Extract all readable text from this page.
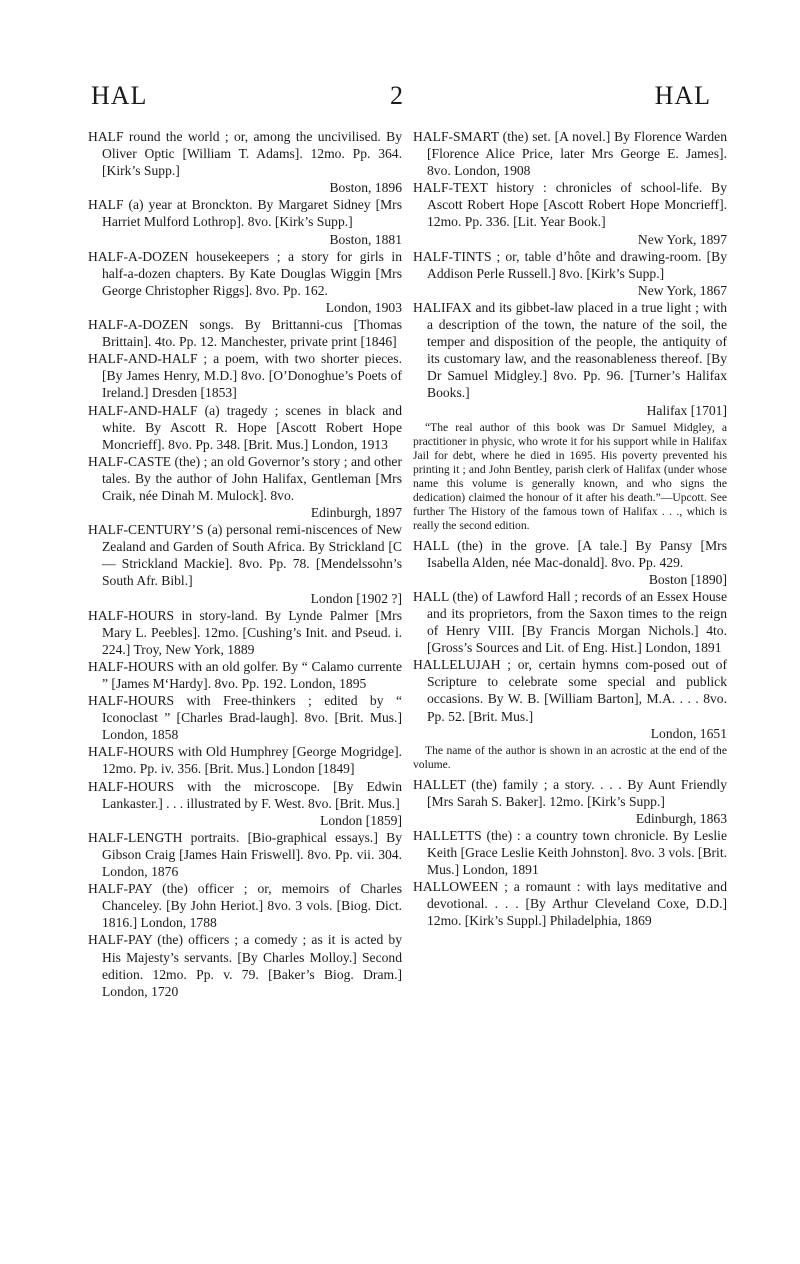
HAL	2	HAL
HALF round the world ; or, among the uncivilised. By Oliver Optic [William T. Adams]. 12mo. Pp. 364. [Kirk’s Supp.]
Boston, 1896
HALF (a) year at Bronckton. By Margaret Sidney [Mrs Harriet Mulford Lothrop]. 8vo. [Kirk’s Supp.]
Boston, 1881
HALF-A-DOZEN housekeepers ; a story for girls in half-a-dozen chapters. By Kate Douglas Wiggin [Mrs George Christopher Riggs]. 8vo. Pp. 162.
London, 1903
HALF-A-DOZEN songs. By Brittanni-cus [Thomas Brittain]. 4to. Pp. 12. Manchester, private print [1846]
HALF-AND-HALF ; a poem, with two shorter pieces. [By James Henry, M.D.] 8vo. [O’Donoghue’s Poets of Ireland.] Dresden [1853]
HALF-AND-HALF (a) tragedy ; scenes in black and white. By Ascott R. Hope [Ascott Robert Hope Moncrieff]. 8vo. Pp. 348. [Brit. Mus.] London, 1913
HALF-CASTE (the) ; an old Governor’s story ; and other tales. By the author of John Halifax, Gentleman [Mrs Craik, née Dinah M. Mulock]. 8vo.
Edinburgh, 1897
HALF-CENTURY’S (a) personal remi-niscences of New Zealand and Garden of South Africa. By Strickland [C— Strickland Mackie]. 8vo. Pp. 78. [Mendelssohn’s South Afr. Bibl.]
London [1902 ?]
HALF-HOURS in story-land. By Lynde Palmer [Mrs Mary L. Peebles]. 12mo. [Cushing’s Init. and Pseud. i. 224.] Troy, New York, 1889
HALF-HOURS with an old golfer. By “ Calamo currente ” [James M‘Hardy]. 8vo. Pp. 192. London, 1895
HALF-HOURS with Free-thinkers ; edited by “ Iconoclast ” [Charles Brad-laugh]. 8vo. [Brit. Mus.] London, 1858
HALF-HOURS with Old Humphrey [George Mogridge]. 12mo. Pp. iv. 356. [Brit. Mus.] London [1849]
HALF-HOURS with the microscope. [By Edwin Lankaster.] . . . illustrated by F. West. 8vo. [Brit. Mus.]
London [1859]
HALF-LENGTH portraits. [Bio-graphical essays.] By Gibson Craig [James Hain Friswell]. 8vo. Pp. vii. 304. London, 1876
HALF-PAY (the) officer ; or, memoirs of Charles Chanceley. [By John Heriot.] 8vo. 3 vols. [Biog. Dict. 1816.] London, 1788
HALF-PAY (the) officers ; a comedy ; as it is acted by His Majesty’s servants. [By Charles Molloy.] Second edition. 12mo. Pp. v. 79. [Baker’s Biog. Dram.] London, 1720
HALF-SMART (the) set. [A novel.] By Florence Warden [Florence Alice Price, later Mrs George E. James]. 8vo. London, 1908
HALF-TEXT history : chronicles of school-life. By Ascott Robert Hope [Ascott Robert Hope Moncrieff]. 12mo. Pp. 336. [Lit. Year Book.]
New York, 1897
HALF-TINTS ; or, table d’hôte and drawing-room. [By Addison Perle Russell.] 8vo. [Kirk’s Supp.]
New York, 1867
HALIFAX and its gibbet-law placed in a true light ; with a description of the town, the nature of the soil, the temper and disposition of the people, the antiquity of its customary law, and the reasonableness thereof. [By Dr Samuel Midgley.] 8vo. Pp. 96. [Turner’s Halifax Books.]
Halifax [1701]
“The real author of this book was Dr Samuel Midgley, a practitioner in physic, who wrote it for his support while in Halifax Jail for debt, where he died in 1695. His poverty prevented his printing it ; and John Bentley, parish clerk of Halifax (under whose name this volume is generally known, and who signs the dedication) claimed the honour of it after his death.”—Upcott. See further The History of the famous town of Halifax . . ., which is really the second edition.
HALL (the) in the grove. [A tale.] By Pansy [Mrs Isabella Alden, née Mac-donald]. 8vo. Pp. 429.
Boston [1890]
HALL (the) of Lawford Hall ; records of an Essex House and its proprietors, from the Saxon times to the reign of Henry VIII. [By Francis Morgan Nichols.] 4to. [Gross’s Sources and Lit. of Eng. Hist.] London, 1891
HALLELUJAH ; or, certain hymns com-posed out of Scripture to celebrate some special and publick occasions. By W. B. [William Barton], M.A. . . . 8vo. Pp. 52. [Brit. Mus.]
London, 1651
The name of the author is shown in an acrostic at the end of the volume.
HALLET (the) family ; a story. . . . By Aunt Friendly [Mrs Sarah S. Baker]. 12mo. [Kirk’s Supp.]
Edinburgh, 1863
HALLETTS (the) : a country town chronicle. By Leslie Keith [Grace Leslie Keith Johnston]. 8vo. 3 vols. [Brit. Mus.] London, 1891
HALLOWEEN ; a romaunt : with lays meditative and devotional. . . . [By Arthur Cleveland Coxe, D.D.] 12mo. [Kirk’s Suppl.] Philadelphia, 1869
